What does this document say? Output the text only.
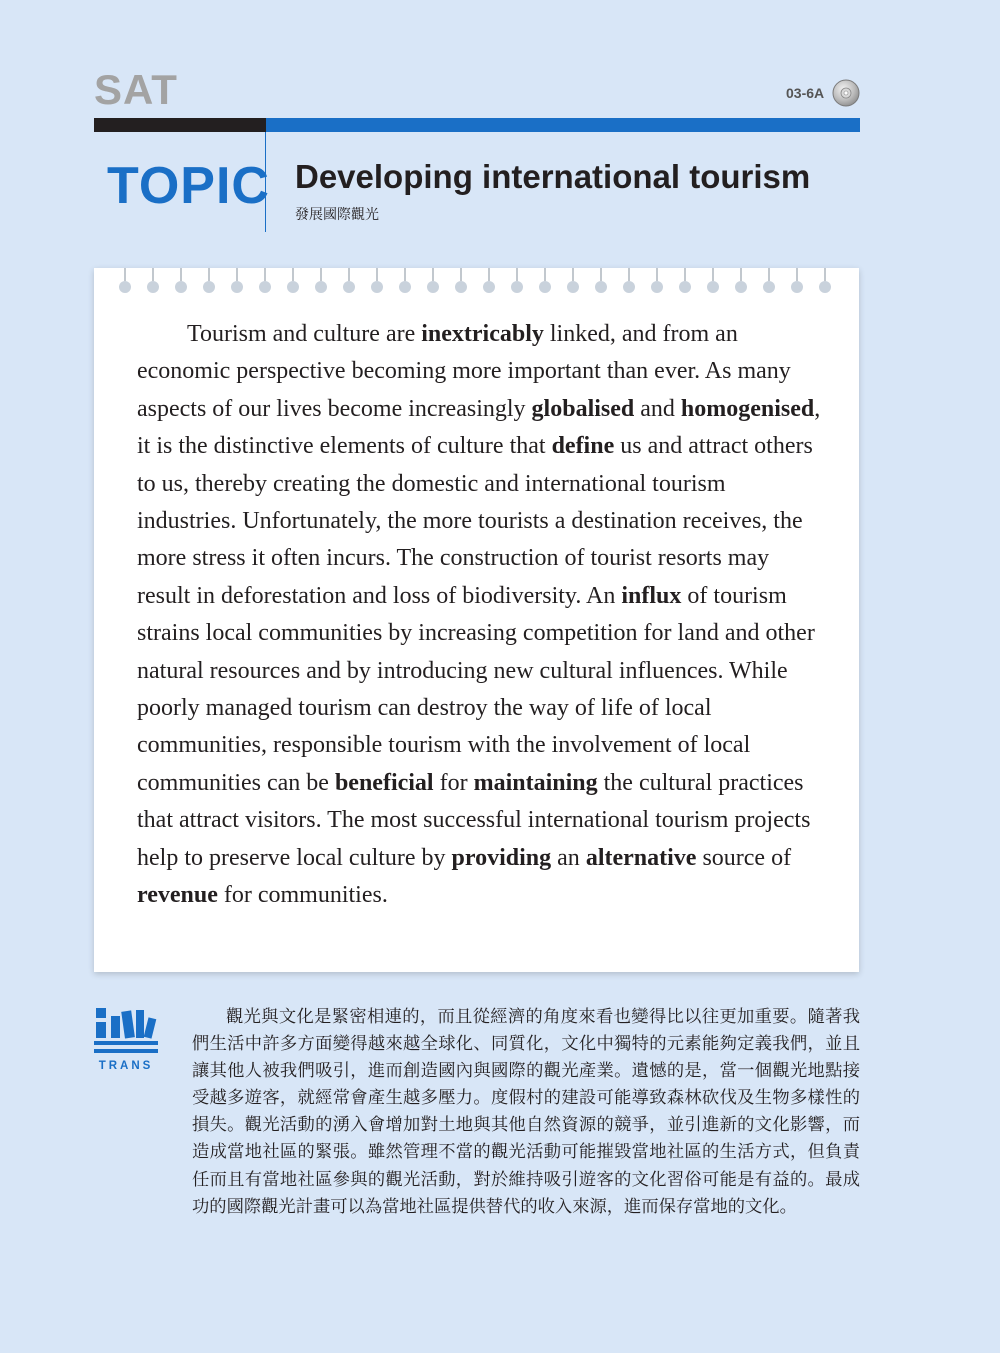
SAT	03-6A
TOPIC Developing international tourism
發展國際觀光

Tourism and culture are inextricably linked, and from an economic perspective becoming more important than ever. As many aspects of our lives become increasingly globalised and homogenised, it is the distinctive elements of culture that define us and attract others to us, thereby creating the domestic and international tourism industries. Unfortunately, the more tourists a destination receives, the more stress it often incurs. The construction of tourist resorts may result in deforestation and loss of biodiversity. An influx of tourism strains local communities by increasing competition for land and other natural resources and by introducing new cultural influences. While poorly managed tourism can destroy the way of life of local communities, responsible tourism with the involvement of local communities can be beneficial for maintaining the cultural practices that attract visitors. The most successful international tourism projects help to preserve local culture by providing an alternative source of revenue for communities.

TRANS

觀光與文化是緊密相連的，而且從經濟的角度來看也變得比以往更加重要。隨著我們生活中許多方面變得越來越全球化、同質化，文化中獨特的元素能夠定義我們，並且讓其他人被我們吸引，進而創造國內與國際的觀光產業。遺憾的是，當一個觀光地點接受越多遊客，就經常會產生越多壓力。度假村的建設可能導致森林砍伐及生物多樣性的損失。觀光活動的湧入會增加對土地與其他自然資源的競爭，並引進新的文化影響，而造成當地社區的緊張。雖然管理不當的觀光活動可能摧毀當地社區的生活方式，但負責任而且有當地社區參與的觀光活動，對於維持吸引遊客的文化習俗可能是有益的。最成功的國際觀光計畫可以為當地社區提供替代的收入來源，進而保存當地的文化。
